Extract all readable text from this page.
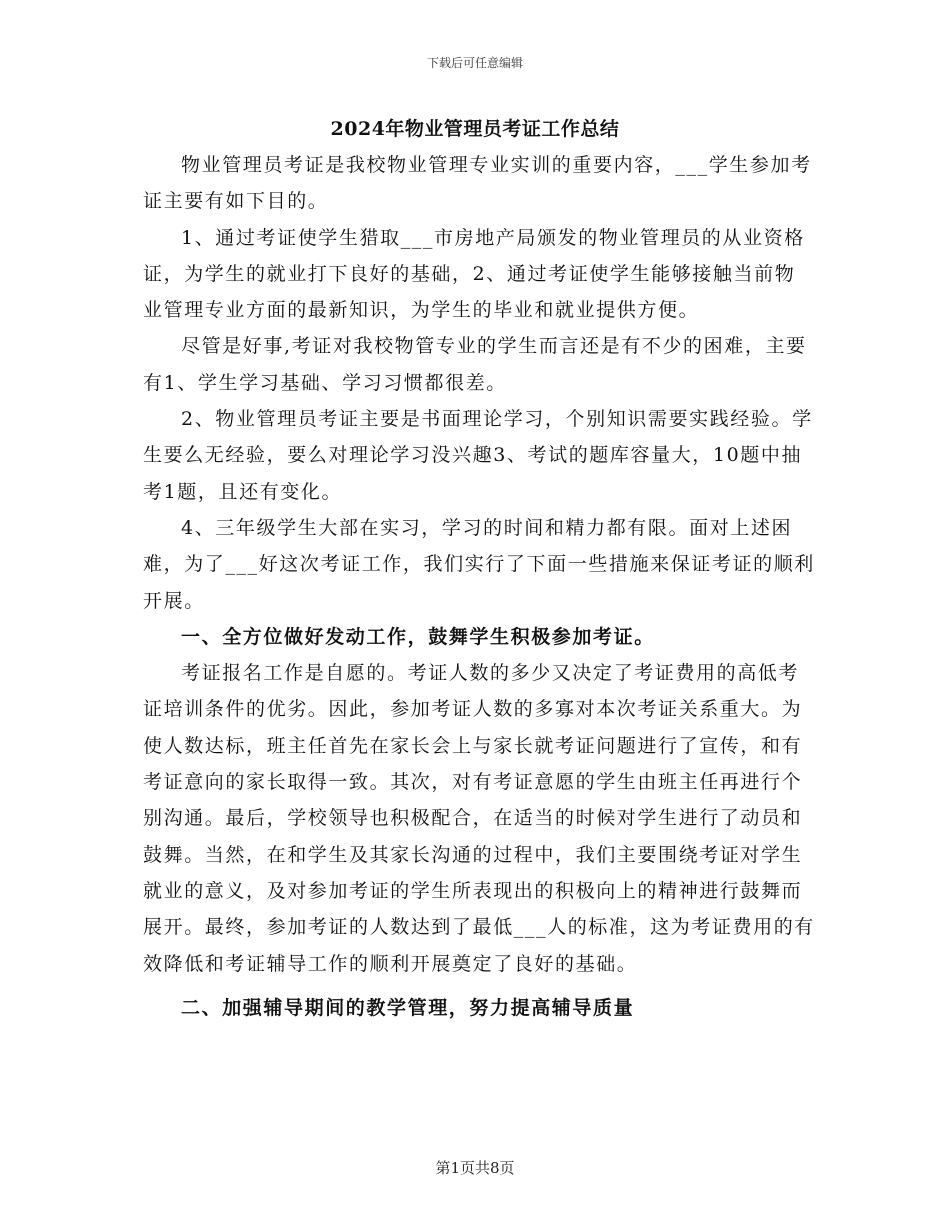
下载后可任意编辑
2024年物业管理员考证工作总结

物业管理员考证是我校物业管理专业实训的重要内容，___学生参加考证主要有如下目的。

1、通过考证使学生猎取___市房地产局颁发的物业管理员的从业资格证，为学生的就业打下良好的基础，2、通过考证使学生能够接触当前物业管理专业方面的最新知识，为学生的毕业和就业提供方便。

尽管是好事,考证对我校物管专业的学生而言还是有不少的困难，主要有1、学生学习基础、学习习惯都很差。

2、物业管理员考证主要是书面理论学习，个别知识需要实践经验。学生要么无经验，要么对理论学习没兴趣3、考试的题库容量大，10题中抽考1题，且还有变化。

4、三年级学生大部在实习，学习的时间和精力都有限。面对上述困难，为了___好这次考证工作，我们实行了下面一些措施来保证考证的顺利开展。

一、全方位做好发动工作，鼓舞学生积极参加考证。

考证报名工作是自愿的。考证人数的多少又决定了考证费用的高低考证培训条件的优劣。因此，参加考证人数的多寡对本次考证关系重大。为使人数达标，班主任首先在家长会上与家长就考证问题进行了宣传，和有考证意向的家长取得一致。其次，对有考证意愿的学生由班主任再进行个别沟通。最后，学校领导也积极配合，在适当的时候对学生进行了动员和鼓舞。当然，在和学生及其家长沟通的过程中，我们主要围绕考证对学生就业的意义，及对参加考证的学生所表现出的积极向上的精神进行鼓舞而展开。最终，参加考证的人数达到了最低___人的标准，这为考证费用的有效降低和考证辅导工作的顺利开展奠定了良好的基础。

二、加强辅导期间的教学管理，努力提高辅导质量

第1页共8页
